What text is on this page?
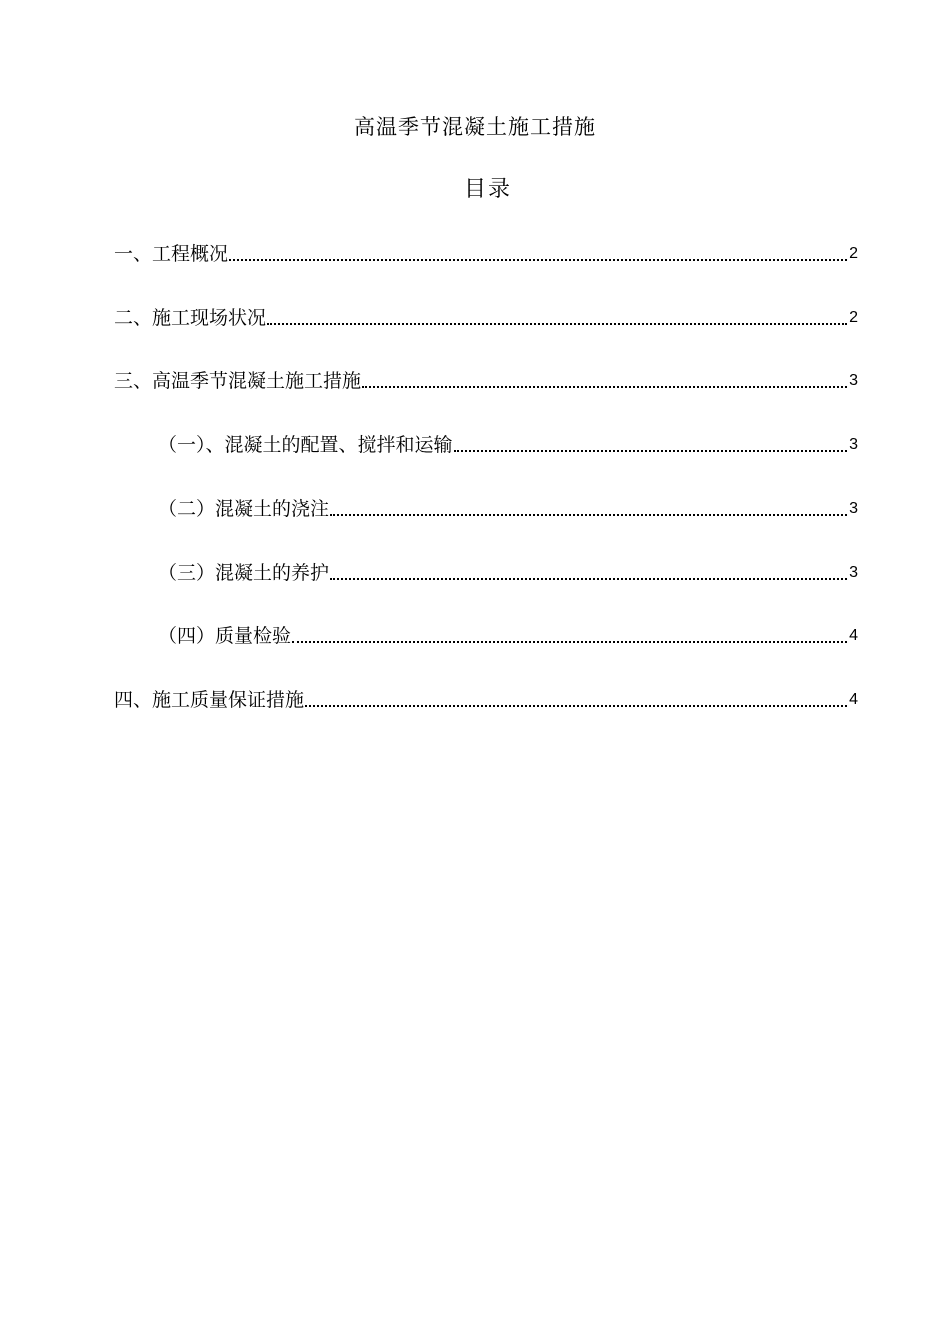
高温季节混凝土施工措施
目录
一、工程概况	2
二、施工现场状况	2
三、高温季节混凝土施工措施	3
（一）、混凝土的配置、搅拌和运输	3
（二）混凝土的浇注	3
（三）混凝土的养护	3
（四）质量检验	4
四、施工质量保证措施	4
